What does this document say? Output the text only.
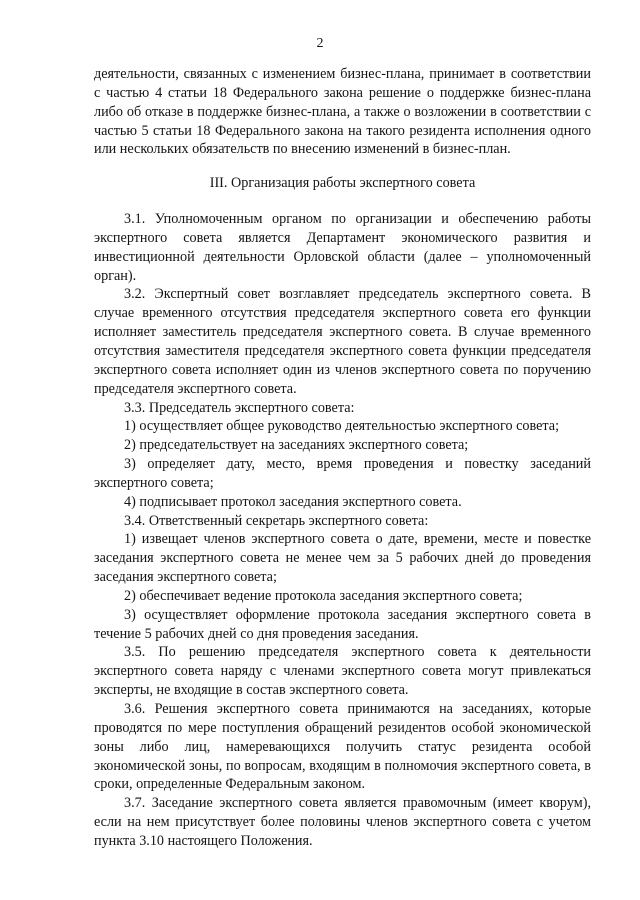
2

деятельности, связанных с изменением бизнес-плана, принимает в соответствии с частью 4 статьи 18 Федерального закона решение о поддержке бизнес-плана либо об отказе в поддержке бизнес-плана, а также о возложении в соответствии с частью 5 статьи 18 Федерального закона на такого резидента исполнения одного или нескольких обязательств по внесению изменений в бизнес-план.

III. Организация работы экспертного совета

3.1. Уполномоченным органом по организации и обеспечению работы экспертного совета является Департамент экономического развития и инвестиционной деятельности Орловской области (далее – уполномоченный орган).

3.2. Экспертный совет возглавляет председатель экспертного совета. В случае временного отсутствия председателя экспертного совета его функции исполняет заместитель председателя экспертного совета. В случае временного отсутствия заместителя председателя экспертного совета функции председателя экспертного совета исполняет один из членов экспертного совета по поручению председателя экспертного совета.

3.3. Председатель экспертного совета:

1) осуществляет общее руководство деятельностью экспертного совета;

2) председательствует на заседаниях экспертного совета;

3) определяет дату, место, время проведения и повестку заседаний экспертного совета;

4) подписывает протокол заседания экспертного совета.

3.4. Ответственный секретарь экспертного совета:

1) извещает членов экспертного совета о дате, времени, месте и повестке заседания экспертного совета не менее чем за 5 рабочих дней до проведения заседания экспертного совета;

2) обеспечивает ведение протокола заседания экспертного совета;

3) осуществляет оформление протокола заседания экспертного совета в течение 5 рабочих дней со дня проведения заседания.

3.5. По решению председателя экспертного совета к деятельности экспертного совета наряду с членами экспертного совета могут привлекаться эксперты, не входящие в состав экспертного совета.

3.6. Решения экспертного совета принимаются на заседаниях, которые проводятся по мере поступления обращений резидентов особой экономической зоны либо лиц, намеревающихся получить статус резидента особой экономической зоны, по вопросам, входящим в полномочия экспертного совета, в сроки, определенные Федеральным законом.

3.7. Заседание экспертного совета является правомочным (имеет кворум), если на нем присутствует более половины членов экспертного совета с учетом пункта 3.10 настоящего Положения.
